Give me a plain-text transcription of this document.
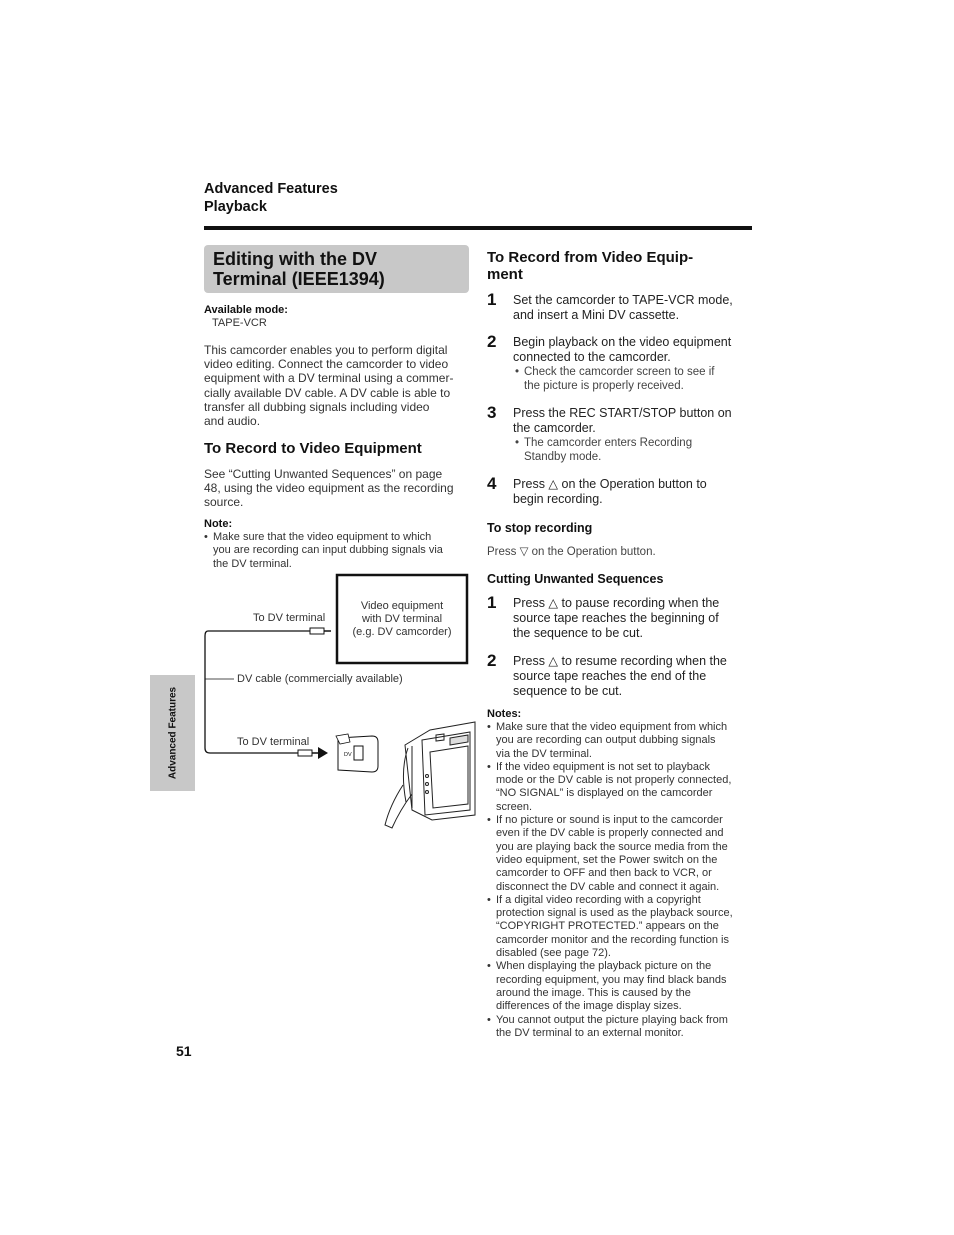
Advanced Features
Playback
Editing with the DV
Terminal (IEEE1394)
Available mode:
TAPE-VCR
This camcorder enables you to perform digital
video editing. Connect the camcorder to video
equipment with a DV terminal using a commer-
cially available DV cable. A DV cable is able to
transfer all dubbing signals including video
and audio.
To Record to Video Equipment
See “Cutting Unwanted Sequences” on page
48, using the video equipment as the recording
source.
Note:
• Make sure that the video equipment to which
you are recording can input dubbing signals via
the DV terminal.
DV
To DV terminal
Video equipment
with DV terminal
(e.g. DV camcorder)
DV cable (commercially available)
To DV terminal
To Record from Video Equip-
ment
1 Set the camcorder to TAPE-VCR mode,
and insert a Mini DV cassette.
2 Begin playback on the video equipment
connected to the camcorder.
• Check the camcorder screen to see if
the picture is properly received.
3 Press the REC START/STOP button on
the camcorder.
• The camcorder enters Recording
Standby mode.
4 Press △ on the Operation button to
begin recording.
To stop recording
Press ▽ on the Operation button.
Cutting Unwanted Sequences
1 Press △ to pause recording when the
source tape reaches the beginning of
the sequence to be cut.
2 Press △ to resume recording when the
source tape reaches the end of the
sequence to be cut.
Notes:
• Make sure that the video equipment from which
you are recording can output dubbing signals
via the DV terminal.
• If the video equipment is not set to playback
mode or the DV cable is not properly connected,
“NO SIGNAL” is displayed on the camcorder
screen.
• If no picture or sound is input to the camcorder
even if the DV cable is properly connected and
you are playing back the source media from the
video equipment, set the Power switch on the
camcorder to OFF and then back to VCR, or
disconnect the DV cable and connect it again.
• If a digital video recording with a copyright
protection signal is used as the playback source,
“COPYRIGHT PROTECTED.” appears on the
camcorder monitor and the recording function is
disabled (see page 72).
• When displaying the playback picture on the
recording equipment, you may find black bands
around the image. This is caused by the
differences of the image display sizes.
• You cannot output the picture playing back from
the DV terminal to an external monitor.
Advanced Features
51
